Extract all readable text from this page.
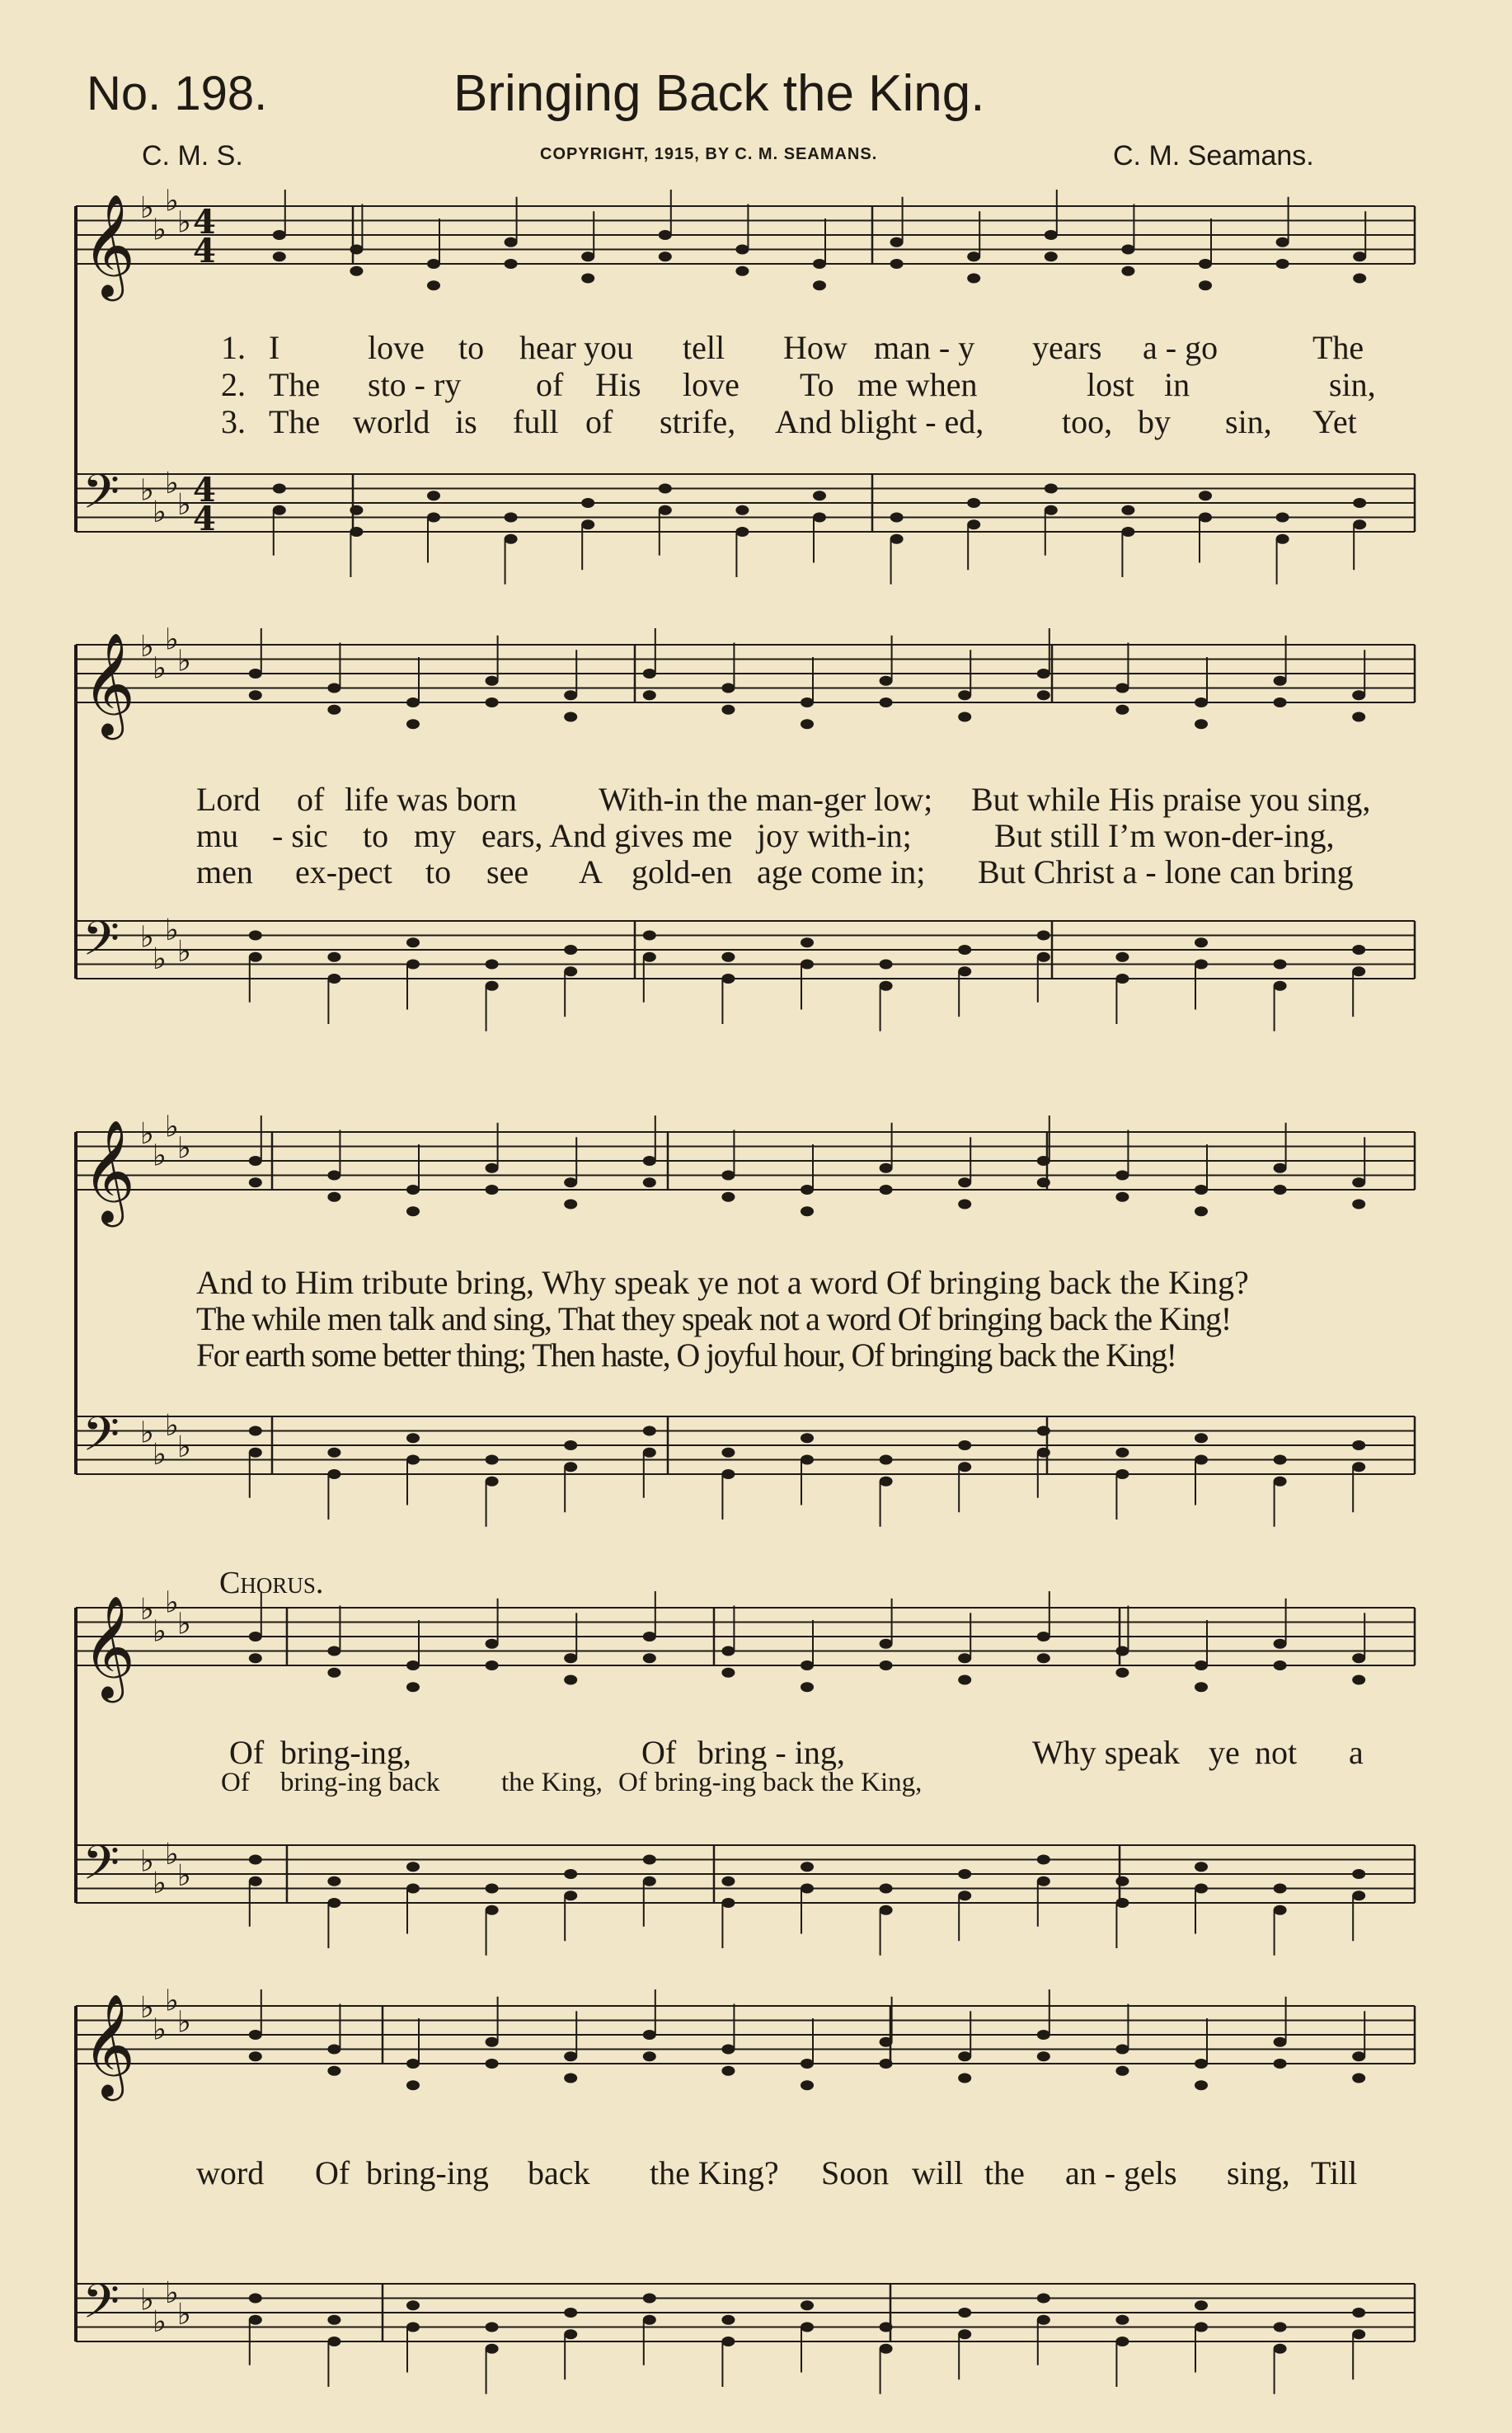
No. 198.	Bringing Back the King.
C. M. S.	COPYRIGHT, 1915, BY C. M. SEAMANS.	C. M. Seamans.
Chorus.
𝄞
𝄢
♭
♭
♭
♭
♭
♭
♭
♭
4
4
4
4
𝄞
𝄢
♭
♭
♭
♭
♭
♭
♭
♭
𝄞
𝄢
♭
♭
♭
♭
♭
♭
♭
♭
𝄞
𝄢
♭
♭
♭
♭
♭
♭
♭
♭
𝄞
𝄢
♭
♭
♭
♭
♭
♭
♭
♭
1. I	love to hear you tell How man - y years a - go	The
2. The sto - ry of His love To me when	lost in	sin,
3. The world is full of strife, And blight - ed, too, by sin, Yet
Lord of life was born With-in the man-ger low; But while His praise you sing,
mu - sic to my ears, And gives me joy with-in;	But still I’m won-der-ing,
men ex-pect to see A gold-en age come in; But Christ a - lone can bring
And to Him tribute bring, Why speak ye not a word Of bringing back the King?
The while men talk and sing, That they speak not a word Of bringing back the King!
For earth some better thing; Then haste, O joyful hour, Of bringing back the King!
Of bring-ing,	Of bring - ing,	Why speak ye not a
Of bring-ing back the King, Of bring-ing back the King,
word Of bring-ing back the King? Soon will the an - gels sing, Till
